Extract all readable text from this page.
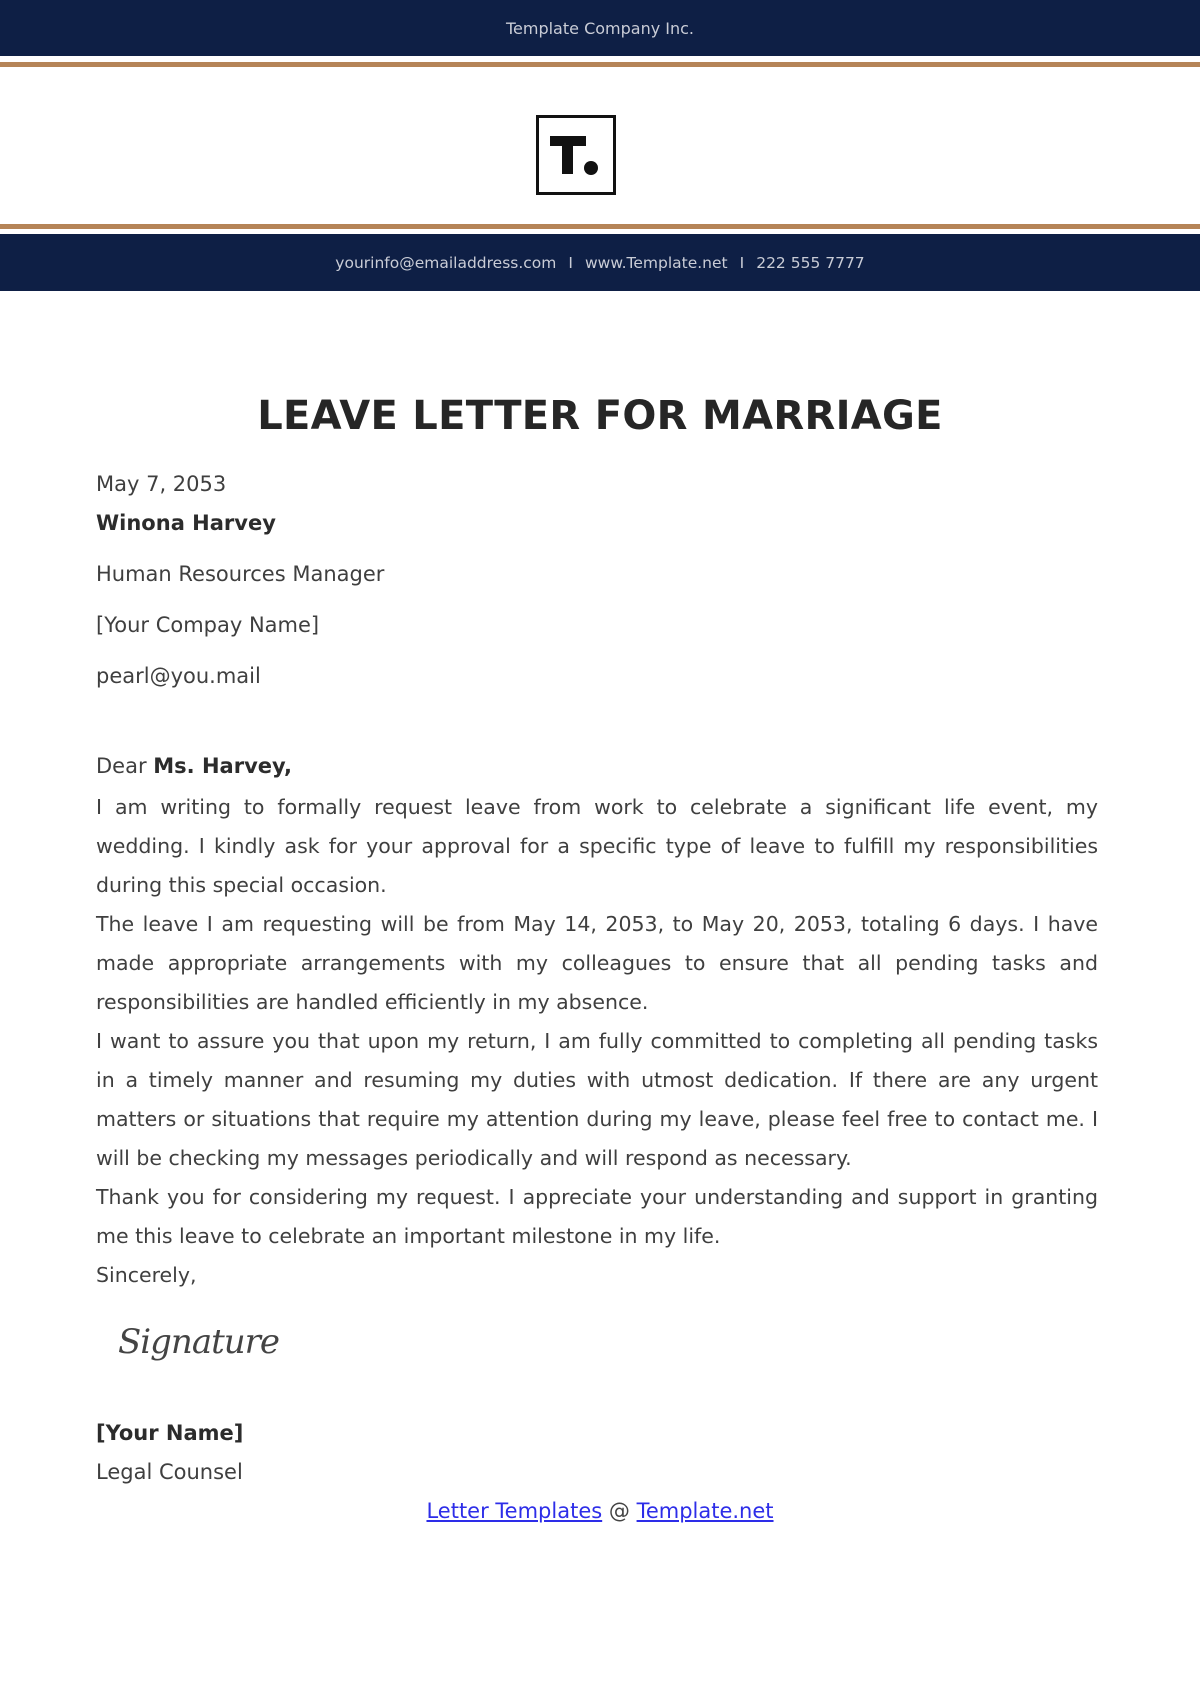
Template Company Inc.
yourinfo@emailaddress.com I www.Template.net I 222 555 7777
LEAVE LETTER FOR MARRIAGE
May 7, 2053
Winona Harvey
Human Resources Manager
[Your Compay Name]
pearl@you.mail
Dear Ms. Harvey,

I am writing to formally request leave from work to celebrate a significant life event, my wedding. I kindly ask for your approval for a specific type of leave to fulfill my responsibilities during this special occasion.

The leave I am requesting will be from May 14, 2053, to May 20, 2053, totaling 6 days. I have made appropriate arrangements with my colleagues to ensure that all pending tasks and responsibilities are handled efficiently in my absence.

I want to assure you that upon my return, I am fully committed to completing all pending tasks in a timely manner and resuming my duties with utmost dedication. If there are any urgent matters or situations that require my attention during my leave, please feel free to contact me. I will be checking my messages periodically and will respond as necessary.

Thank you for considering my request. I appreciate your understanding and support in granting me this leave to celebrate an important milestone in my life.

Sincerely,

Signature
[Your Name]
Legal Counsel
Letter Templates @ Template.net
